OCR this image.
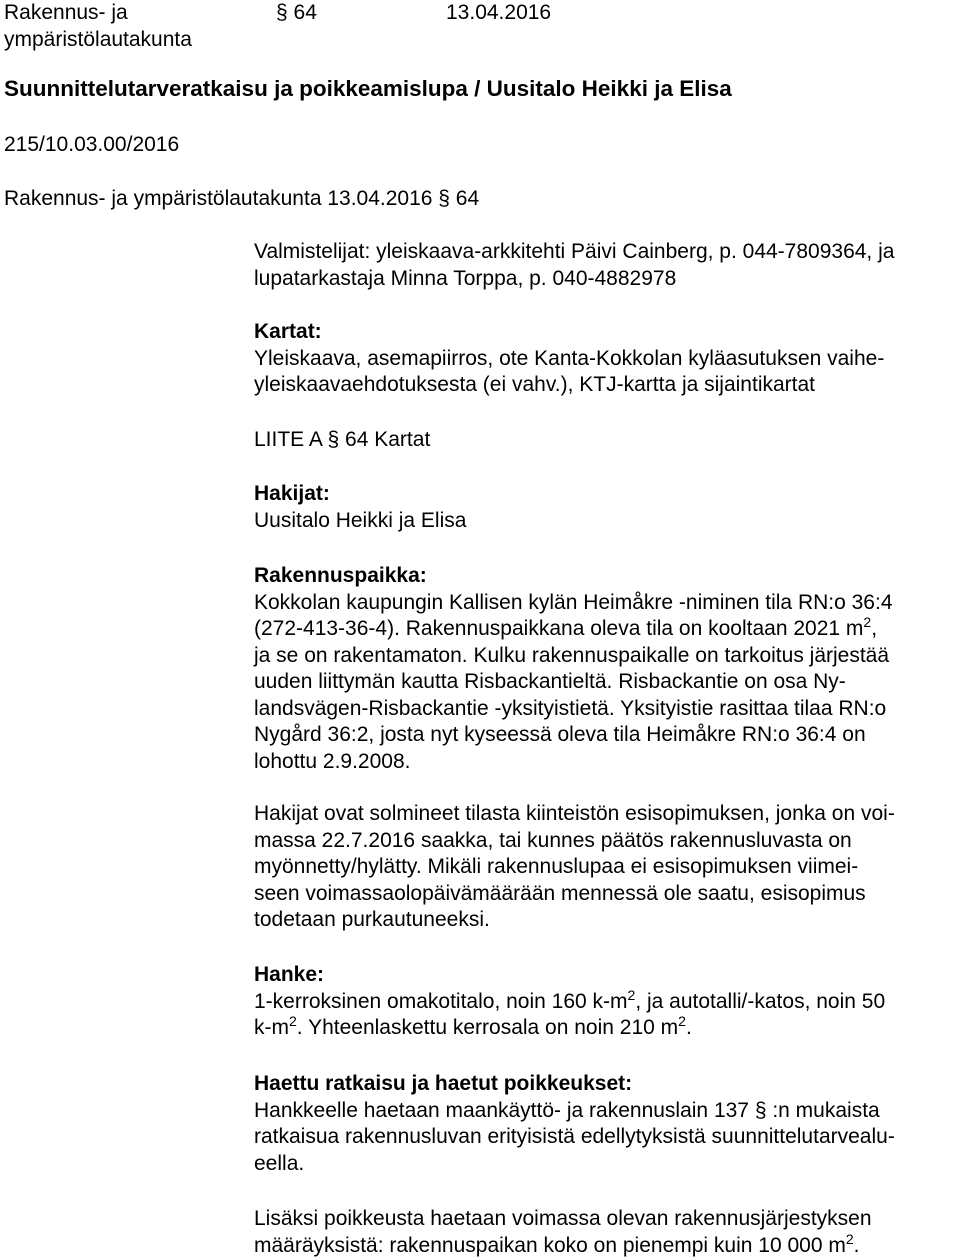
Rakennus- ja
ympäristölautakunta
§ 64	13.04.2016
Suunnittelutarveratkaisu ja poikkeamislupa / Uusitalo Heikki ja Elisa
215/10.03.00/2016
Rakennus- ja ympäristölautakunta 13.04.2016 § 64

Valmistelijat: yleiskaava-arkkitehti Päivi Cainberg, p. 044-7809364, ja

lupatarkastaja Minna Torppa, p. 040-4882978

Kartat:

Yleiskaava, asemapiirros, ote Kanta-Kokkolan kyläasutuksen vaihe-

yleiskaavaehdotuksesta (ei vahv.), KTJ-kartta ja sijaintikartat

LIITE A § 64 Kartat

Hakijat:

Uusitalo Heikki ja Elisa

Rakennuspaikka:

Kokkolan kaupungin Kallisen kylän Heimåkre -niminen tila RN:o 36:4

(272-413-36-4). Rakennuspaikkana oleva tila on kooltaan 2021 $m^2$,

ja se on rakentamaton. Kulku rakennuspaikalle on tarkoitus järjestää

uuden liittymän kautta Risbackantieltä. Risbackantie on osa Ny-

landsvägen-Risbackantie -yksityistietä. Yksityistie rasittaa tilaa RN:o

Nygård 36:2, josta nyt kyseessä oleva tila Heimåkre RN:o 36:4 on

lohottu 2.9.2008.

Hakijat ovat solmineet tilasta kiinteistön esisopimuksen, jonka on voi-

massa 22.7.2016 saakka, tai kunnes päätös rakennusluvasta on

myönnetty/hylätty. Mikäli rakennuslupaa ei esisopimuksen viimei-

seen voimassaolopäivämäärään mennessä ole saatu, esisopimus

todetaan purkautuneeksi.

Hanke:

1-kerroksinen omakotitalo, noin 160 $k-m^2$, ja autotalli/-katos, noin 50

$k-m^2$. Yhteenlaskettu kerrosala on noin 210 $m^2$.

Haettu ratkaisu ja haetut poikkeukset:

Hankkeelle haetaan maankäyttö- ja rakennuslain 137 § :n mukaista

ratkaisua rakennusluvan erityisistä edellytyksistä suunnittelutarvealu-

eella.

Lisäksi poikkeusta haetaan voimassa olevan rakennusjärjestyksen

määräyksistä: rakennuspaikan koko on pienempi kuin 10 000 $m^2$.
